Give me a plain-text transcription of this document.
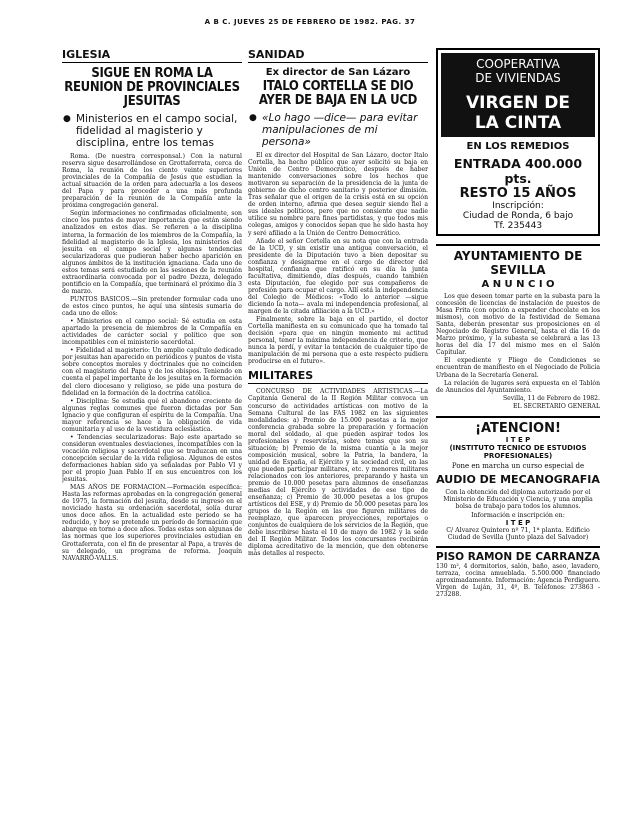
A B C. JUEVES 25 DE FEBRERO DE 1982. PAG. 37
IGLESIA
SIGUE EN ROMA LA REUNION DE PROVINCIALES JESUITAS
● Ministerios en el campo social, fidelidad al magisterio y disciplina, entre los temas

Roma. (De nuestra corresponsal.) Con la natural reserva sigue desarrollándose en Grottaferrata, cerca de Roma, la reunión de los ciento veinte superiores provinciales de la Compañía de Jesús que estudian la actual situación de la orden para adecuarla a los deseos del Papa y para proceder a una más profunda preparación de la reunión de la Compañía ante la próxima congregación general.

Según informaciones no confirmadas oficialmente, son cinco los puntos de mayor importancia que están siendo analizados en estos días. Se refieren a la disciplina interna, la formación de los miembros de la Compañía, la fidelidad al magisterio de la Iglesia, los ministerios del jesuita en el campo social y algunas tendencias secularizadoras que pudieran haber hecho aparición en algunos ámbitos de la institución ignaciana. Cada uno de estos temas será estudiado en las sesiones de la reunión extraordinaria convocada por el padre Dezza, delegado pontificio en la Compañía, que terminará el próximo día 3 de marzo.

PUNTOS BASICOS.—Sin pretender formular cada uno de estos cinco puntos, he aquí una síntesis sumaria de cada uno de ellos:

• Ministerios en el campo social: Sé estudia en esta apartado la presencia de miembros de la Compañía en actividades de carácter social y político que son incompatibles con el ministerio sacerdotal.

• Fidelidad al magisterio: Un amplio capítulo dedicado por jesuitas han aparecido en periódicos y puntos de vista sobre conceptos morales y doctrinales que no coinciden con el magisterio del Papa y de los obispos. Teniendo en cuenta el papel importante de los jesuitas en la formación del clero diocesano y religioso, se pide una postura de fidelidad en la formación de la doctrina católica.

• Disciplina: Se estudia qué el abandono creciente de algunas reglas comunes que fueron dictadas por San Ignacio y que configuran el espíritu de la Compañía. Una mayor referencia se hace a la obligación de vida comunitaria y al uso de la vestidura eclesiástica.

• Tendencias secularizadoras: Bajo este apartado se consideran eventuales desviaciones, incompatibles con la vocación religiosa y sacerdotal que se traduzcan en una concepción secular de la vida religiosa. Algunos de estos deformaciones habían sido ya señaladas por Pablo VI y por el propio Juan Pablo II en sus encuentros con los jesuitas.

MAS AÑOS DE FORMACION.—Formación específica: Hasta las reformas aprobadas en la congregación general de 1975, la formación del jesuita, desde su ingreso en el noviciado hasta su ordenación sacerdotal, solía durar unos doce años. En la actualidad este período se ha reducido, y hoy se pretende un período de formación que abarque en torno a doce años. Todas estas son algunas de las normas que los superiores provinciales estudian en Grottaferrata, con el fin de presentar al Papa, a través de su delegado, un programa de reforma. Joaquín NAVARRO-VALLS.

SANIDAD
Ex director de San Lázaro
ITALO CORTELLA SE DIO AYER DE BAJA EN LA UCD
● «Lo hago —dice— para evitar manipulaciones de mi persona»

El ex director del Hospital de San Lázaro, doctor Italo Cortella, ha hecho público que ayer solicitó su baja en Unión de Centro Democrático, después de haber mantenido conversaciones sobre los hechos que motivaron su separación de la presidencia de la junta de gobierno de dicho centro sanitario y posterior dimisión. Tras señalar que el origen de la crisis está en su opción de orden interno, afirma que desea seguir siendo fiel a sus ideales políticos, pero que no consiente que nadie utilice su nombre para fines partidistas, y que todos mis colegas, amigos y conocidos sepan que he sido hasta hoy y seré afiliado a la Unión de Centro Democrático.

Añade el señor Cortella en su nota que con la entrada de la UCD, y sin existir una antigua conversación, el presidente de la Diputación tuvo a bien depositar su confianza y designarme en el cargo de director del hospital, confianza que ratificó en su día la junta facultativa, dimitiendo, días después, cuando también esta Diputación, fue elegido por sus compañeros de profesión para ocupar el cargo. Allí está la independencia del Colegio de Médicos: «Todo lo anterior —sigue diciendo la nota— avala mi independencia profesional, al margen de la citada afiliación a la UCD.»

Finalmente, sobre la baja en el partido, el doctor Cortella manifiesta en su comunicado que ha tomado tal decisión «para que en ningún momento mi actitud personal, tener la máxima independencia de criterio, que nunca la perdí, y evitar la tentación de cualquier tipo de manipulación de mi persona que a este respecto pudiera producirse en el futuro».

MILITARES

CONCURSO DE ACTIVIDADES ARTISTICAS.—La Capitanía General de la II Región Militar convoca un concurso de actividades artísticas con motivo de la Semana Cultural de las FAS 1982 en las siguientes modalidades: a) Premio de 15.000 pesetas a la mejor conferencia grabada sobre la preparación y formación moral del soldado, al que pueden aspirar todos los profesionales y reservistas, sobre temas que son su situación; b) Premio de la misma cuantía a la mejor composición musical, sobre la Patria, la bandera, la unidad de España, el Ejército y la sociedad civil, en las que pueden participar militares, etc. y menores militares relacionados con los anteriores, preparando y hasta un premio de 10.000 pesetas para alumnos de enseñanzas medias del Ejército y actividades de ese tipo de enseñanza; c) Premio de 30.000 pesetas a los grupos artísticos del ESE, y d) Premio de 50.000 pesetas para los grupos de la Región en las que figuren militares de reemplazo, que aparecen proyecciones, reportajes o conjuntos de cualquiera de los servicios de la Región, que debe inscribirse hasta el 10 de mayo de 1982 y la sede del II Región Militar. Todos los concursantes recibirán diploma acreditativo de la mención, que den obtenerse más detalles al respecto.

COOPERATIVA
DE VIVIENDAS
VIRGEN DE
LA CINTA
EN LOS REMEDIOS
ENTRADA 400.000 pts.
RESTO 15 AÑOS
Inscripción:
Ciudad de Ronda, 6 bajo
Tf. 235443
AYUNTAMIENTO DE SEVILLA
A N U N C I O

Los que deseen tomar parte en la subasta para la concesión de licencias de instalación de puestos de Masa Frita (con opción a expender chocolate en los mismos), con motivo de la festividad de Semana Santa, deberán presentar sus proposiciones en el Negociado de Registro General, hasta el día 16 de Marzo próximo, y la subasta se celebrará a las 13 horas del día 17 del mismo mes en el Salón Capitular.

El expediente y Pliego de Condiciones se encuentran de manifiesto en el Negociado de Policía Urbana de la Secretaría General.

La relación de lugares será expuesta en el Tablón de Anuncios del Ayuntamiento.

Sevilla, 11 de Febrero de 1982.

EL SECRETARIO GENERAL

¡ATENCION!
I T E P
(INSTITUTO TECNICO DE ESTUDIOS PROFESIONALES)
Pone en marcha un curso especial de
AUDIO DE MECANOGRAFIA
Con la obtención del diploma autorizado por el Ministerio de Educación y Ciencia, y una amplia bolsa de trabajo para todos los alumnos.
Información e inscripción en:
I T E P
C/ Alvarez Quintero nº 71, 1ª planta. Edificio Ciudad de Sevilla (Junto plaza del Salvador)
PISO RAMON DE CARRANZA
130 m², 4 dormitorios, salón, baño, aseo, lavadero, terraza, cocina amueblada. 5.500.000 financiado aproximadamente. Información: Agencia Perdiguero. Virgen de Luján, 31, 4º, B. Teléfonos: 273863 - 273288.
